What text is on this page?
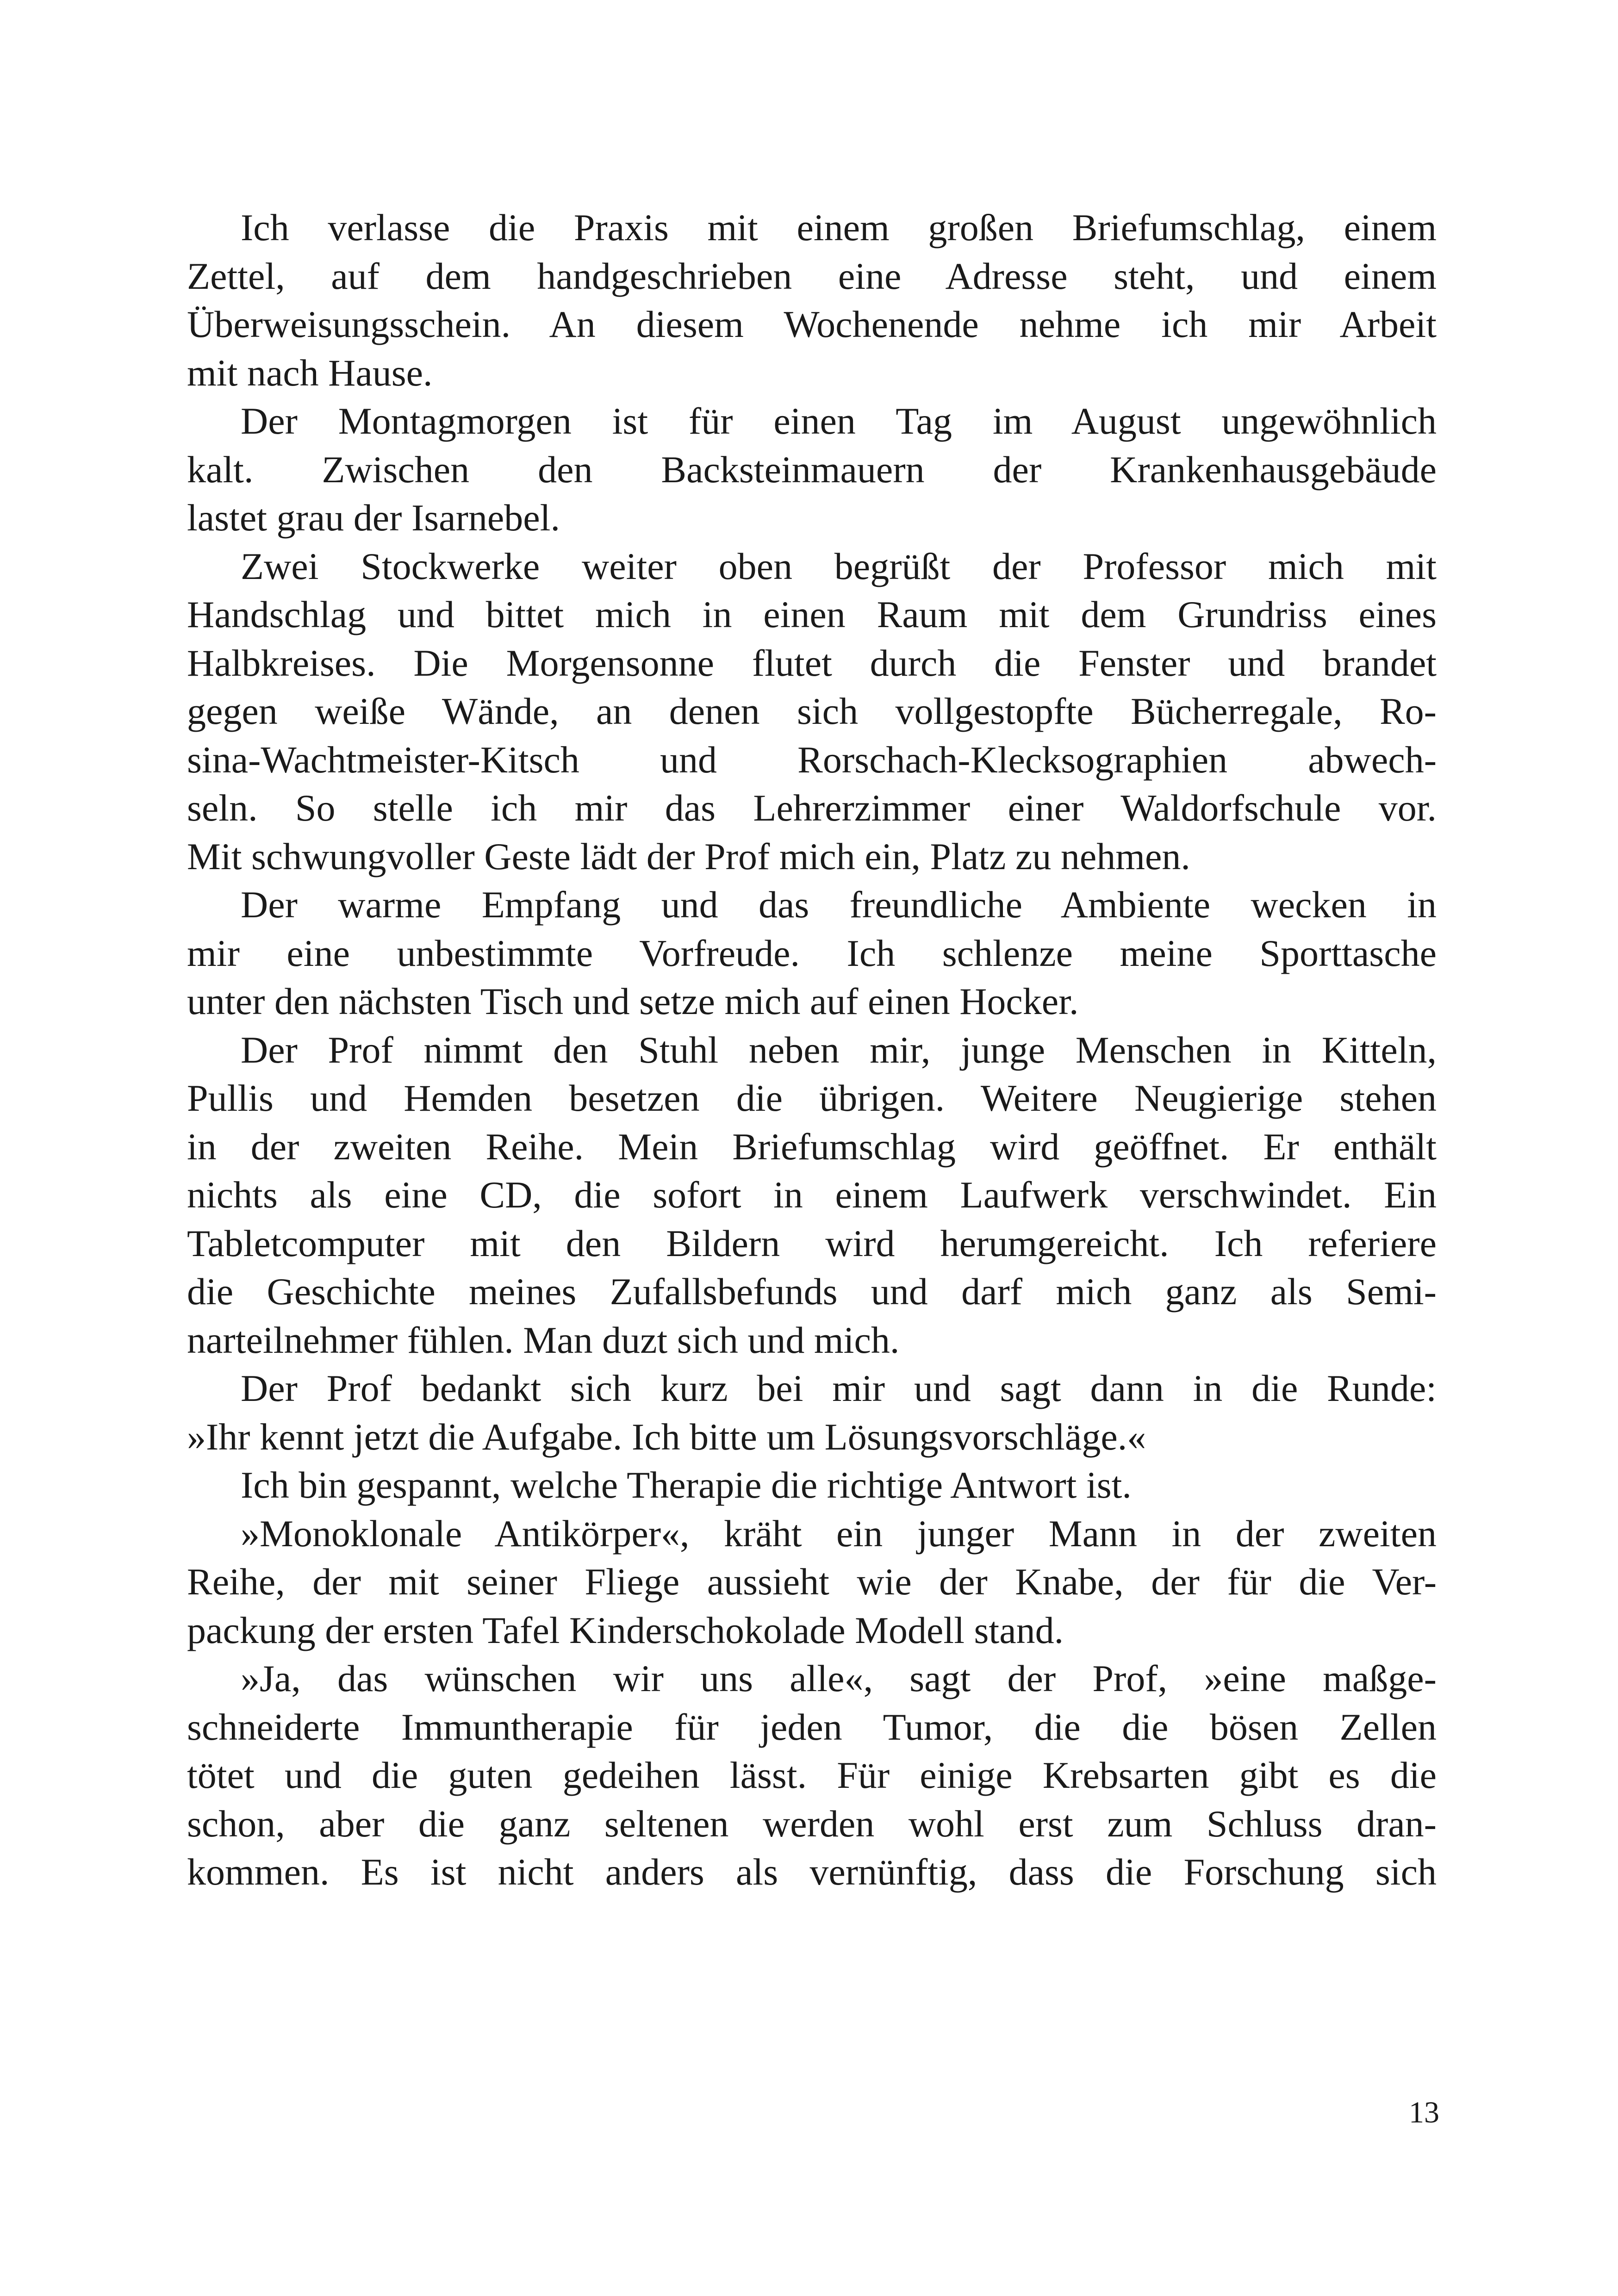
Ich verlasse die Praxis mit einem großen Briefumschlag, einem
Zettel, auf dem handgeschrieben eine Adresse steht, und einem
Überweisungsschein. An diesem Wochenende nehme ich mir Arbeit
mit nach Hause.
Der Montagmorgen ist für einen Tag im August ungewöhnlich
kalt. Zwischen den Backsteinmauern der Krankenhausgebäude
lastet grau der Isarnebel.
Zwei Stockwerke weiter oben begrüßt der Professor mich mit
Handschlag und bittet mich in einen Raum mit dem Grundriss eines
Halbkreises. Die Morgensonne flutet durch die Fenster und brandet
gegen weiße Wände, an denen sich vollgestopfte Bücherregale, Ro-
sina-Wachtmeister-Kitsch und Rorschach-Klecksographien abwech-
seln. So stelle ich mir das Lehrerzimmer einer Waldorfschule vor.
Mit schwungvoller Geste lädt der Prof mich ein, Platz zu nehmen.
Der warme Empfang und das freundliche Ambiente wecken in
mir eine unbestimmte Vorfreude. Ich schlenze meine Sporttasche
unter den nächsten Tisch und setze mich auf einen Hocker.
Der Prof nimmt den Stuhl neben mir, junge Menschen in Kitteln,
Pullis und Hemden besetzen die übrigen. Weitere Neugierige stehen
in der zweiten Reihe. Mein Briefumschlag wird geöffnet. Er enthält
nichts als eine CD, die sofort in einem Laufwerk verschwindet. Ein
Tabletcomputer mit den Bildern wird herumgereicht. Ich referiere
die Geschichte meines Zufallsbefunds und darf mich ganz als Semi-
narteilnehmer fühlen. Man duzt sich und mich.
Der Prof bedankt sich kurz bei mir und sagt dann in die Runde:
»Ihr kennt jetzt die Aufgabe. Ich bitte um Lösungsvorschläge.«
Ich bin gespannt, welche Therapie die richtige Antwort ist.
»Monoklonale Antikörper«, kräht ein junger Mann in der zweiten
Reihe, der mit seiner Fliege aussieht wie der Knabe, der für die Ver-
packung der ersten Tafel Kinderschokolade Modell stand.
»Ja, das wünschen wir uns alle«, sagt der Prof, »eine maßge-
schneiderte Immuntherapie für jeden Tumor, die die bösen Zellen
tötet und die guten gedeihen lässt. Für einige Krebsarten gibt es die
schon, aber die ganz seltenen werden wohl erst zum Schluss dran-
kommen. Es ist nicht anders als vernünftig, dass die Forschung sich
13
